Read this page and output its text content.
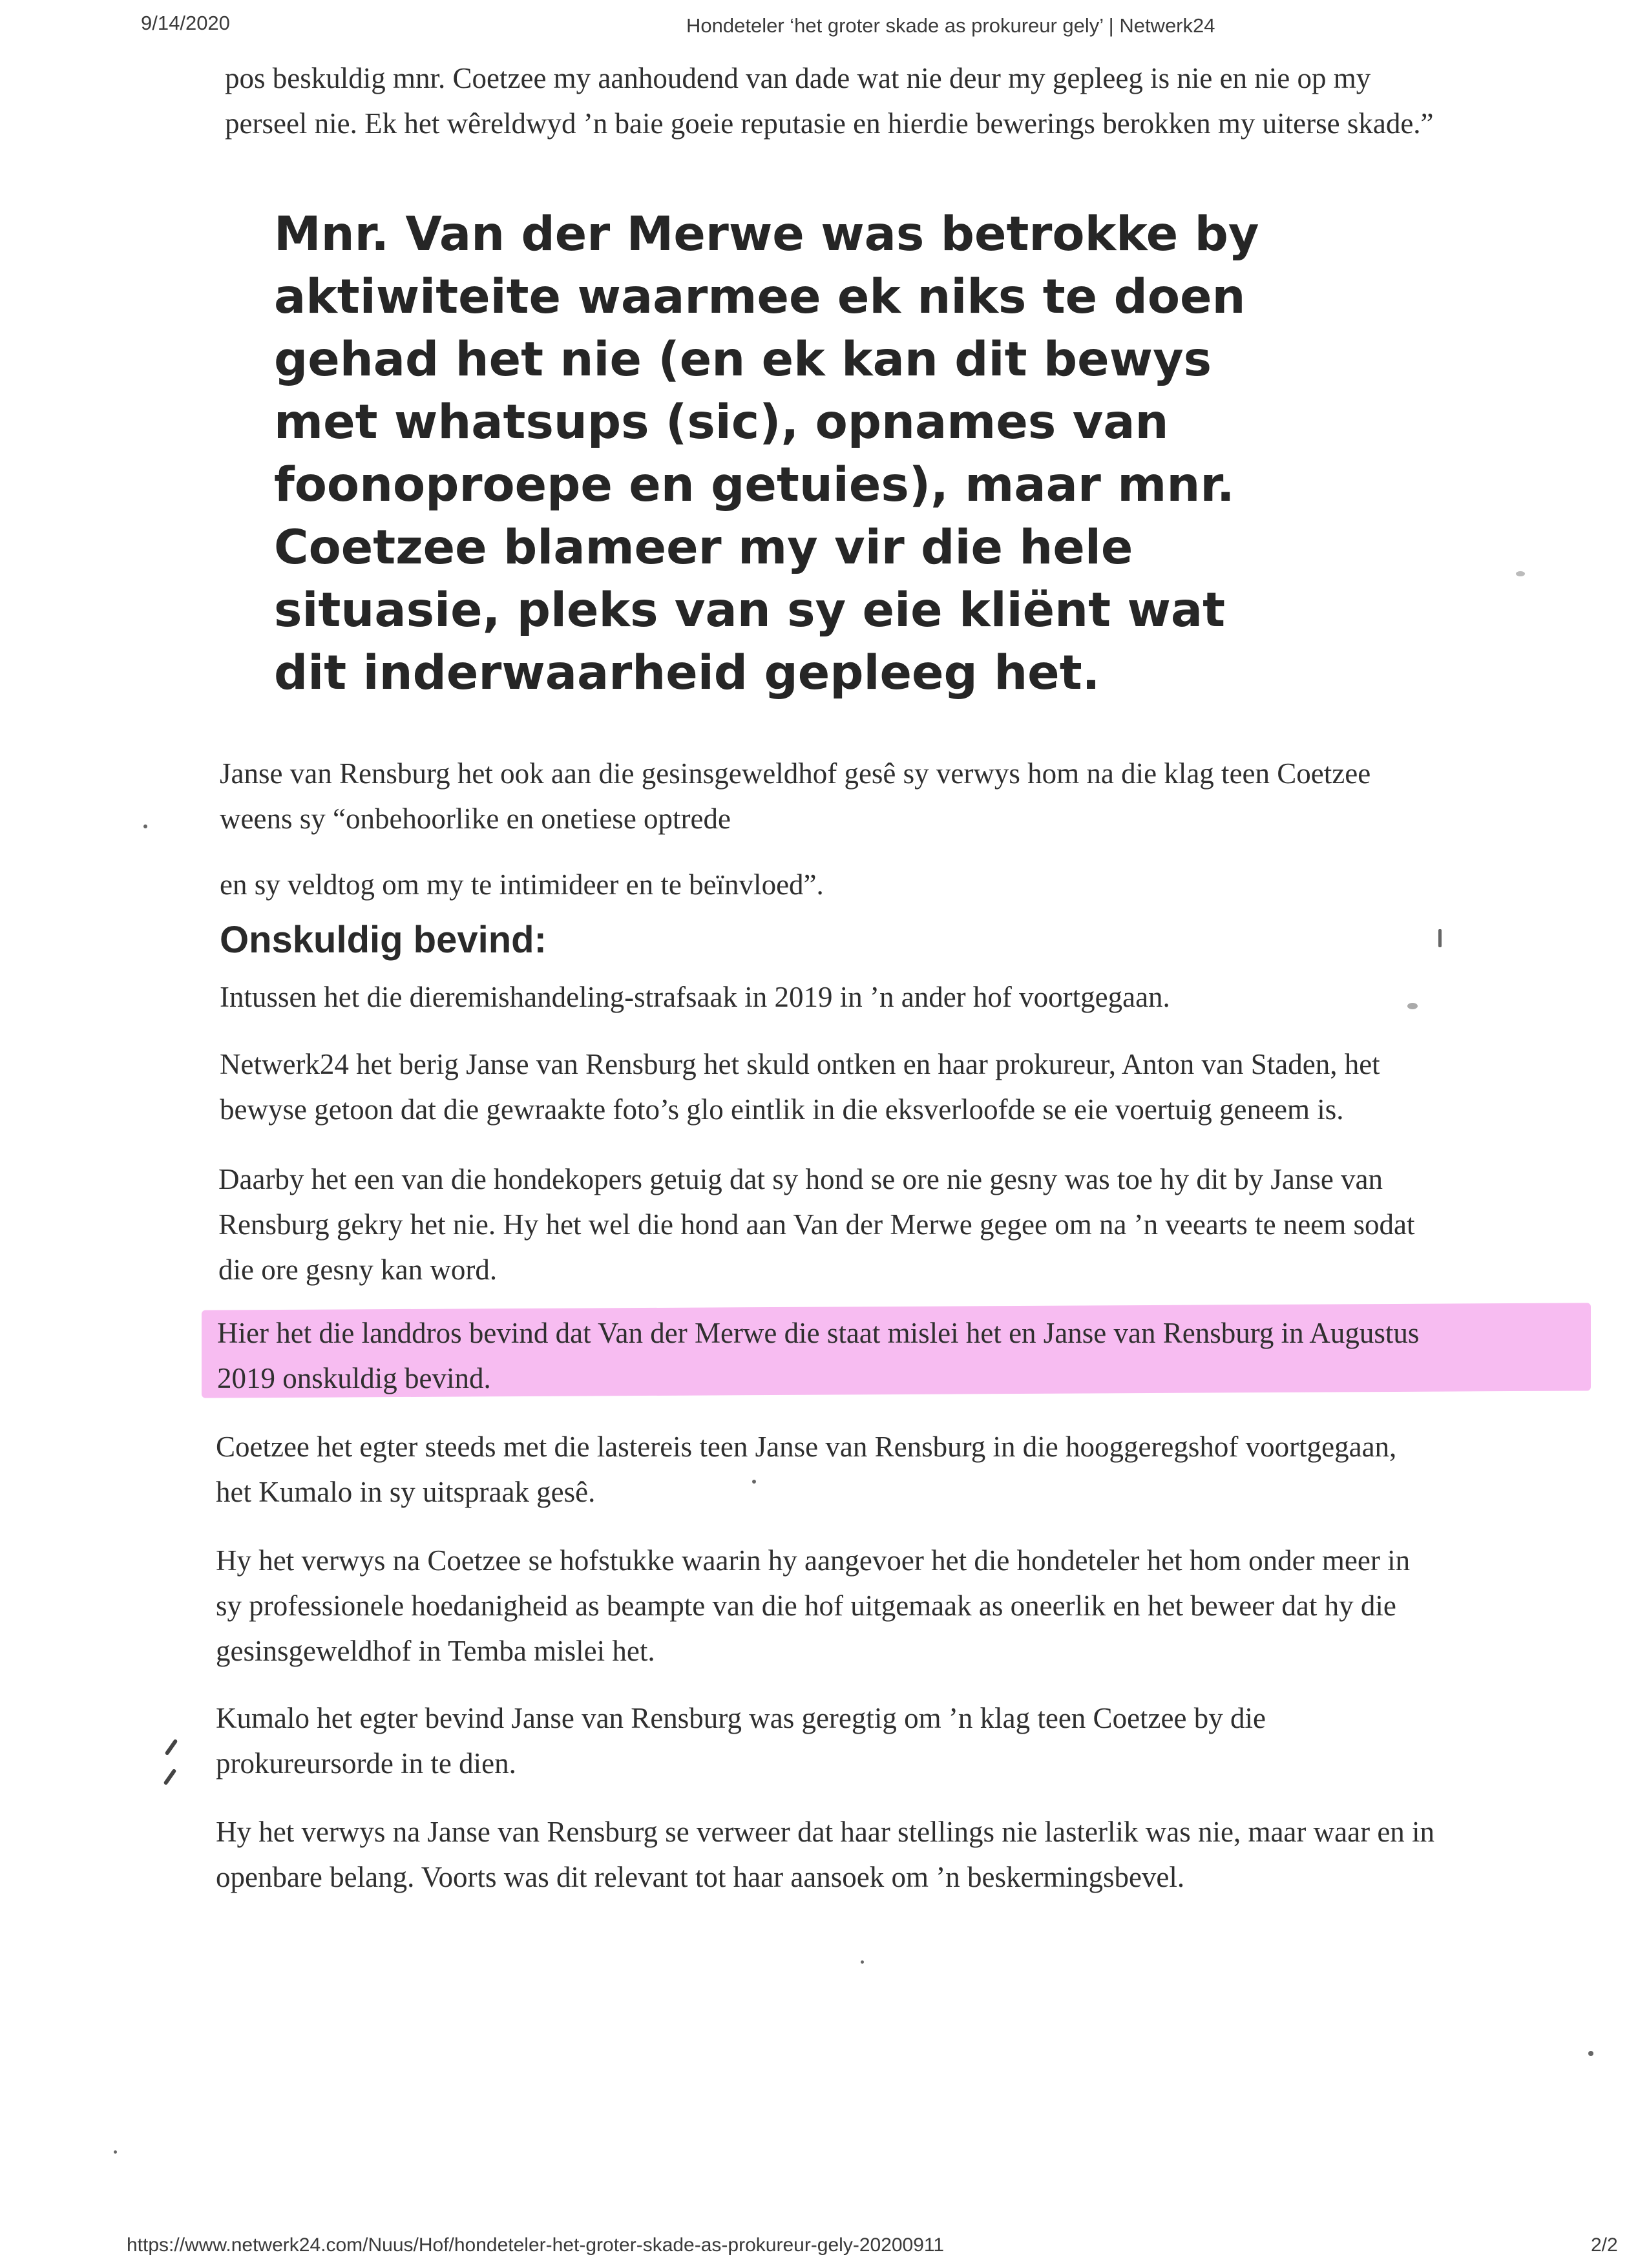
9/14/2020	Hondeteler ‘het groter skade as prokureur gely’ | Netwerk24

pos beskuldig mnr. Coetzee my aanhoudend van dade wat nie deur my gepleeg is nie en nie op my

perseel nie. Ek het wêreldwyd ’n baie goeie reputasie en hierdie bewerings berokken my uiterse skade.”

Mnr. Van der Merwe was betrokke by
aktiwiteite waarmee ek niks te doen
gehad het nie (en ek kan dit bewys
met whatsups (sic), opnames van
foonoproepe en getuies), maar mnr.
Coetzee blameer my vir die hele
situasie, pleks van sy eie kliënt wat
dit inderwaarheid gepleeg het.

Janse van Rensburg het ook aan die gesinsgeweldhof gesê sy verwys hom na die klag teen Coetzee

weens sy “onbehoorlike en onetiese optrede

en sy veldtog om my te intimideer en te beïnvloed”.

Onskuldig bevind:

Intussen het die dieremishandeling-strafsaak in 2019 in ’n ander hof voortgegaan.

Netwerk24 het berig Janse van Rensburg het skuld ontken en haar prokureur, Anton van Staden, het

bewyse getoon dat die gewraakte foto’s glo eintlik in die eksverloofde se eie voertuig geneem is.

Daarby het een van die hondekopers getuig dat sy hond se ore nie gesny was toe hy dit by Janse van

Rensburg gekry het nie. Hy het wel die hond aan Van der Merwe gegee om na ’n veearts te neem sodat

die ore gesny kan word.

Hier het die landdros bevind dat Van der Merwe die staat mislei het en Janse van Rensburg in Augustus

2019 onskuldig bevind.

Coetzee het egter steeds met die lastereis teen Janse van Rensburg in die hooggeregshof voortgegaan,

het Kumalo in sy uitspraak gesê.

Hy het verwys na Coetzee se hofstukke waarin hy aangevoer het die hondeteler het hom onder meer in

sy professionele hoedanigheid as beampte van die hof uitgemaak as oneerlik en het beweer dat hy die

gesinsgeweldhof in Temba mislei het.

Kumalo het egter bevind Janse van Rensburg was geregtig om ’n klag teen Coetzee by die

prokureursorde in te dien.

Hy het verwys na Janse van Rensburg se verweer dat haar stellings nie lasterlik was nie, maar waar en in

openbare belang. Voorts was dit relevant tot haar aansoek om ’n beskermingsbevel.

https://www.netwerk24.com/Nuus/Hof/hondeteler-het-groter-skade-as-prokureur-gely-20200911	2/2
